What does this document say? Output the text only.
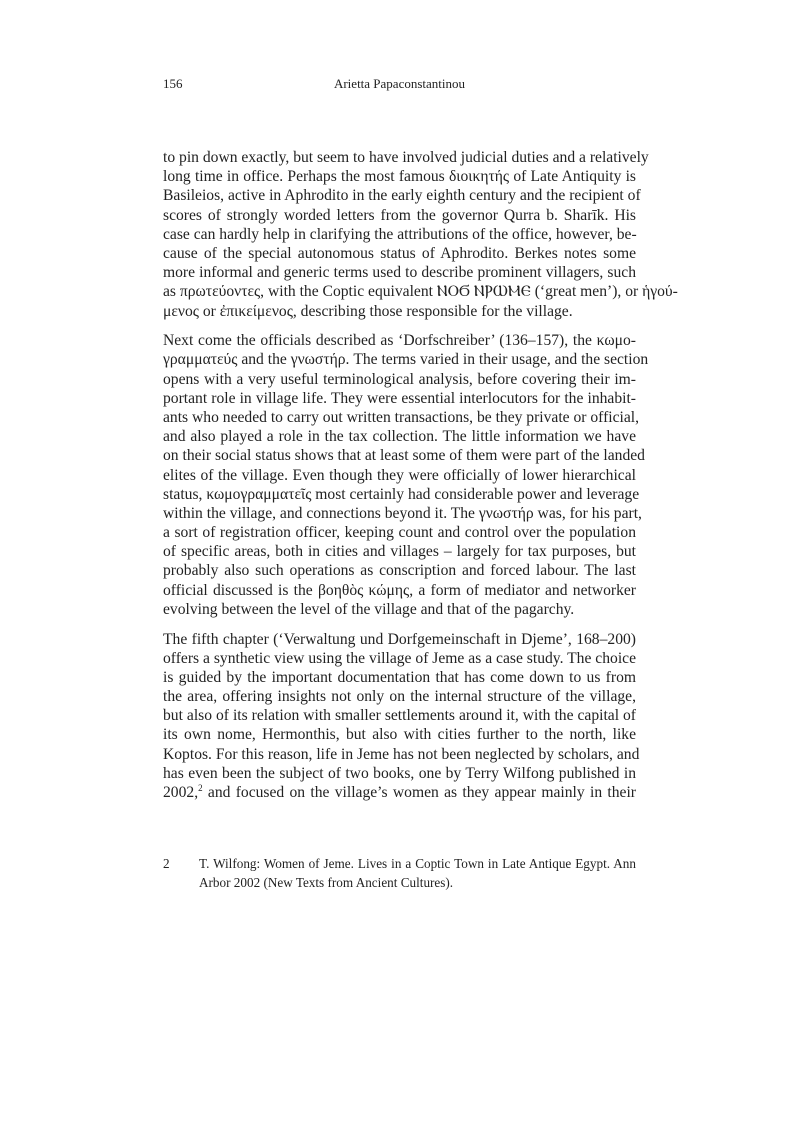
156	Arietta Papaconstantinou
to pin down exactly, but seem to have involved judicial duties and a relatively
long time in office. Perhaps the most famous διοικητής of Late Antiquity is
Basileios, active in Aphrodito in the early eighth century and the recipient of
scores of strongly worded letters from the governor Qurra b. Sharīk. His
case can hardly help in clarifying the attributions of the office, however, be-
cause of the special autonomous status of Aphrodito. Berkes notes some
more informal and generic terms used to describe prominent villagers, such
as πρωτεύοντες, with the Coptic equivalent ⲚⲞϬ ⲚⲢⲰⲘⲈ (‘great men’), or ἡγού-
μενος or ἐπικείμενος, describing those responsible for the village.
Next come the officials described as ‘Dorfschreiber’ (136–157), the κωμο-
γραμματεύς and the γνωστήρ. The terms varied in their usage, and the section
opens with a very useful terminological analysis, before covering their im-
portant role in village life. They were essential interlocutors for the inhabit-
ants who needed to carry out written transactions, be they private or official,
and also played a role in the tax collection. The little information we have
on their social status shows that at least some of them were part of the landed
elites of the village. Even though they were officially of lower hierarchical
status, κωμογραμματεῖς most certainly had considerable power and leverage
within the village, and connections beyond it. The γνωστήρ was, for his part,
a sort of registration officer, keeping count and control over the population
of specific areas, both in cities and villages – largely for tax purposes, but
probably also such operations as conscription and forced labour. The last
official discussed is the βοηθὸς κώμης, a form of mediator and networker
evolving between the level of the village and that of the pagarchy.
The fifth chapter (‘Verwaltung und Dorfgemeinschaft in Djeme’, 168–200)
offers a synthetic view using the village of Jeme as a case study. The choice
is guided by the important documentation that has come down to us from
the area, offering insights not only on the internal structure of the village,
but also of its relation with smaller settlements around it, with the capital of
its own nome, Hermonthis, but also with cities further to the north, like
Koptos. For this reason, life in Jeme has not been neglected by scholars, and
has even been the subject of two books, one by Terry Wilfong published in
2002,$^2$ and focused on the village’s women as they appear mainly in their
2 T. Wilfong: Women of Jeme. Lives in a Coptic Town in Late Antique Egypt. Ann
Arbor 2002 (New Texts from Ancient Cultures).
